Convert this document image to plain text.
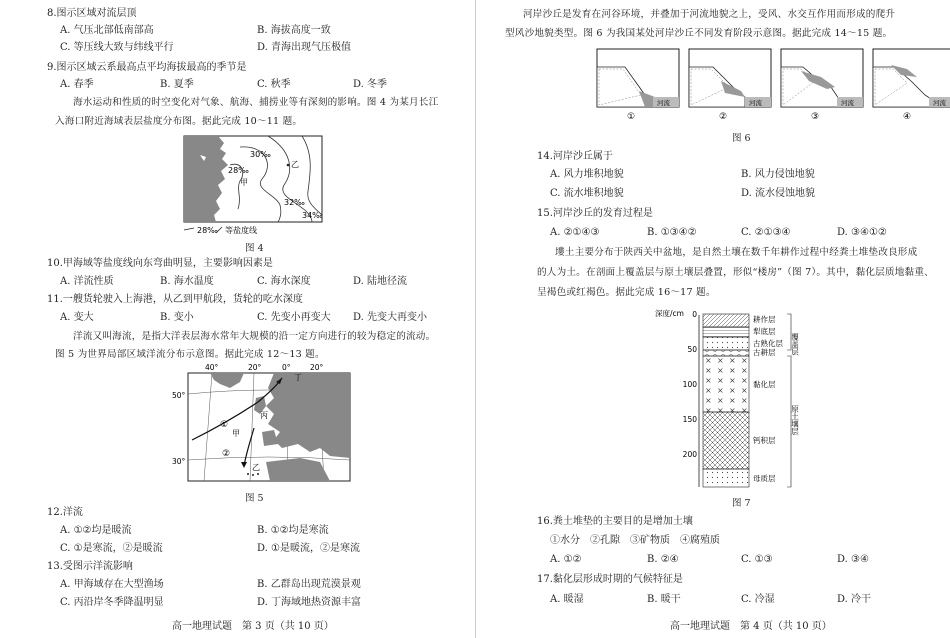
8.图示区域对流层顶
A. 气压北部低南部高	B. 海拔高度一致
C. 等压线大致与纬线平行	D. 青海出现气压极值
9.图示区域云系最高点平均海拔最高的季节是
A. 春季	B. 夏季	C. 秋季	D. 冬季
海水运动和性质的时空变化对气象、航海、捕捞业等有深刻的影响。图 4 为某月长江
入海口附近海域表层盐度分布图。据此完成 10～11 题。
30‰
28‰
32‰
34‰
甲
乙
28‰ 等盐度线
图 4
10.甲海域等盐度线向东弯曲明显，主要影响因素是
A. 洋流性质	B. 海水温度	C. 海水深度	D. 陆地径流
11.一艘货轮驶入上海港，从乙到甲航段，货轮的吃水深度
A. 变大	B. 变小	C. 先变小再变大 D. 先变大再变小
洋流又叫海流，是指大洋表层海水常年大规模的沿一定方向进行的较为稳定的流动。
图 5 为世界局部区域洋流分布示意图。据此完成 12～13 题。
40°	20°	0°	20°
50°
30°
①
②
甲
丙
丁
乙
图 5
12.洋流
A. ①②均是暖流	B. ①②均是寒流
C. ①是寒流，②是暖流	D. ①是暖流，②是寒流
13.受图示洋流影响
A. 甲海域存在大型渔场	B. 乙群岛出现荒漠景观
C. 丙沿岸冬季降温明显	D. 丁海域地热资源丰富
高一地理试题　第 3 页（共 10 页）
河岸沙丘是发育在河谷环境，并叠加于河流地貌之上，受风、水交互作用而形成的爬升
型风沙地貌类型。图 6 为我国某处河岸沙丘不同发育阶段示意图。据此完成 14～15 题。
河流
①
河流
②
河流
③
河流
④
图 6
14.河岸沙丘属于
A. 风力堆积地貌	B. 风力侵蚀地貌
C. 流水堆积地貌	D. 流水侵蚀地貌
15.河岸沙丘的发育过程是
A. ②①④③	B. ①③④②	C. ②①③④	D. ③④①②
塿土主要分布于陕西关中盆地，是自然土壤在数千年耕作过程中经粪土堆垫改良形成
的人为土。在剖面上覆盖层与原土壤层叠置，形似“楼房”（图 7）。其中，黏化层质地黏重、
呈褐色或红褐色。据此完成 16～17 题。
深度/cm 0
50
100
150
200
耕作层
犁底层
古熟化层
古耕层
黏化层
钙积层
母质层
覆盖层
原土壤层
图 7
16.粪土堆垫的主要目的是增加土壤
①水分　②孔隙　③矿物质　④腐殖质
A. ①②	B. ②④	C. ①③	D. ③④
17.黏化层形成时期的气候特征是
A. 暖湿	B. 暖干	C. 冷湿	D. 冷干
高一地理试题　第 4 页（共 10 页）
